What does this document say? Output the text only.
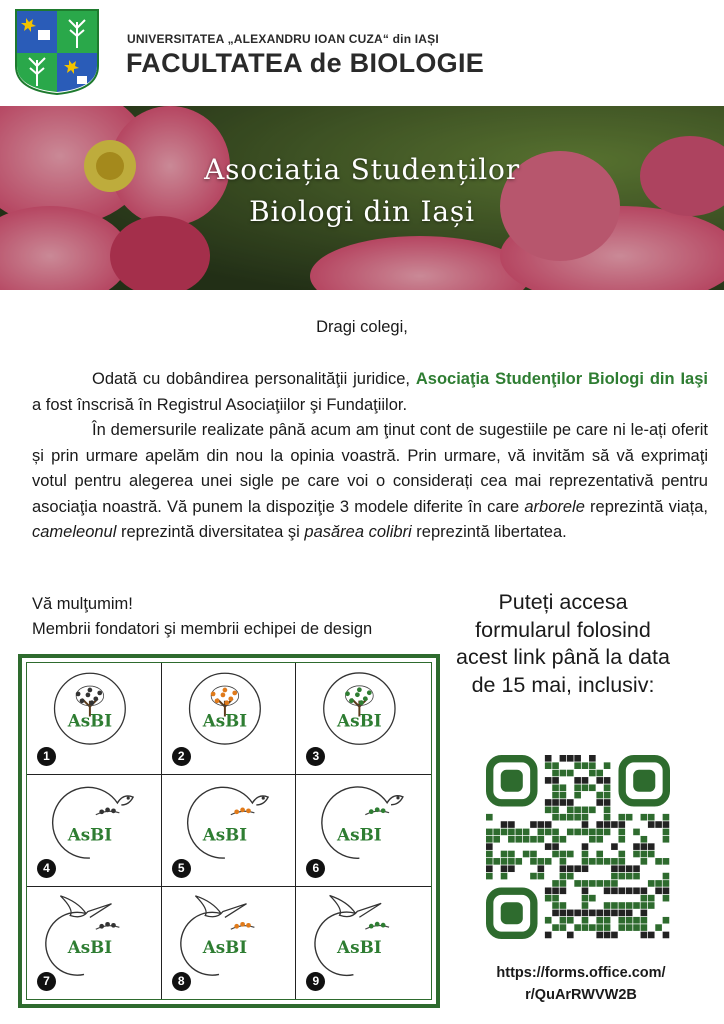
UNIVERSITATEA „ALEXANDRU IOAN CUZA“ din IAȘI
FACULTATEA de BIOLOGIE
Asociația Studenților
Biologi din Iași
Dragi colegi,

Odată cu dobândirea personalităţii juridice, Asociaţia Studenţilor Biologi din Iaşi a fost înscrisă în Registrul Asociaţiilor şi Fundaţiilor.

În demersurile realizate până acum am ţinut cont de sugestiile pe care ni le-ați oferit și prin urmare apelăm din nou la opinia voastră. Prin urmare, vă invităm să vă exprimaţi votul pentru alegerea unei sigle pe care voi o considerați cea mai reprezentativă pentru asociaţia noastră. Vă punem la dispoziţie 3 modele diferite în care arborele reprezintă viața, cameleonul reprezintă diversitatea şi pasărea colibri reprezintă libertatea.

Vă mulţumim!
Membrii fondatori şi membrii echipei de design
Puteți accesa formularul folosind acest link până la data de 15 mai, inclusiv:
https://forms.office.com/
r/QuArRWVW2B
AsBI
1
AsBI
2
AsBI
3
AsBI
4
AsBI
5
AsBI
6
AsBI
7
AsBI
8
AsBI
9
